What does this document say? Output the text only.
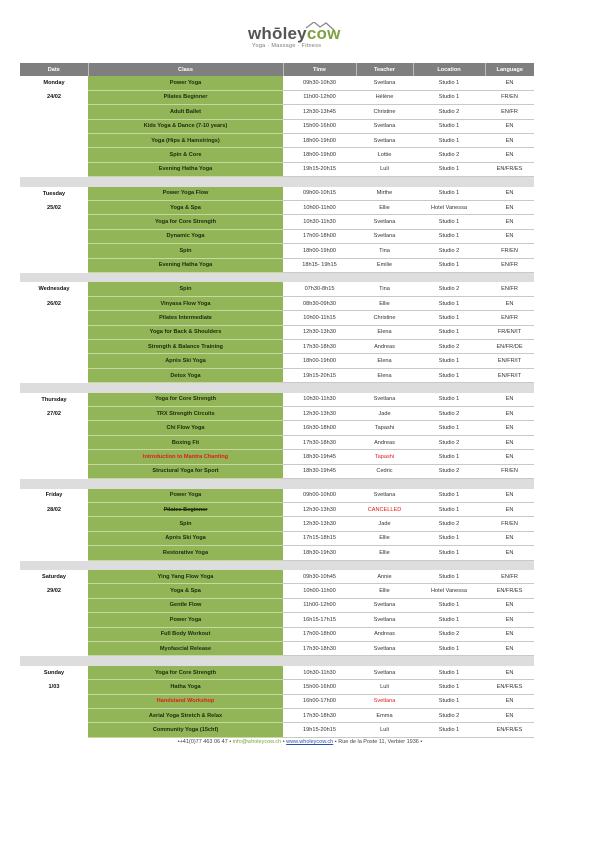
whōleycow
Yoga · Massage · Fitness
Date	Class	Time	Teacher	Location	Language
Monday	Power Yoga	09h30-10h30	Svetlana	Studio 1	EN
24/02	Pilates Beginner	11h00-12h00	Hélène	Studio 1	FR/EN
	Adult Ballet	12h30-13h45	Christine	Studio 2	EN/FR
	Kids Yoga & Dance (7-10 years)	15h00-16h00	Svetlana	Studio 1	EN
	Yoga (Hips & Hamstrings)	18h00-19h00	Svetlana	Studio 1	EN
	Spin & Core	18h00-19h00	Lottie	Studio 2	EN
	Evening Hatha Yoga	19h15-20h15	Luli	Studio 1	EN/FR/ES

Tuesday	Power Yoga Flow	09h00-10h15	Mirthe	Studio 1	EN
25/02	Yoga & Spa	10h00-11h00	Ellie	Hotel Vanessa	EN
	Yoga for Core Strength	10h30-11h30	Svetlana	Studio 1	EN
	Dynamic Yoga	17h00-18h00	Svetlana	Studio 1	EN
	Spin	18h00-19h00	Tina	Studio 2	FR/EN
	Evening Hatha Yoga	18h15- 19h15	Emilie	Studio 1	EN/FR

Wednesday	Spin	07h30-8h15	Tina	Studio 2	EN/FR
26/02	Vinyasa Flow Yoga	08h30-09h30	Ellie	Studio 1	EN
	Pilates Intermediate	10h00-11h15	Christine	Studio 1	EN/FR
	Yoga for Back & Shoulders	12h30-13h30	Elena	Studio 1	FR/EN/IT
	Strength & Balance Training	17h30-18h30	Andreas	Studio 2	EN/FR/DE
	Après Ski Yoga	18h00-19h00	Elena	Studio 1	EN/FR/IT
	Detox Yoga	19h15-20h15	Elena	Studio 1	EN/FR/IT

Thursday	Yoga for Core Strength	10h30-11h30	Svetlana	Studio 1	EN
27/02	TRX Strength Circuits	12h30-13h30	Jade	Studio 2	EN
	Chi Flow Yoga	16h30-18h00	Tapashi	Studio 1	EN
	Boxing Fit	17h30-18h30	Andreas	Studio 2	EN
	Introduction to Mantra Chanting	18h30-19h45	Tapashi	Studio 1	EN
	Structural Yoga for Sport	18h30-19h45	Cedric	Studio 2	FR/EN

Friday	Power Yoga	09h00-10h00	Svetlana	Studio 1	EN
28/02	Pilates Beginner	12h30-13h30	CANCELLED	Studio 1	EN
	Spin	12h30-13h30	Jade	Studio 2	FR/EN
	Après Ski Yoga	17h15-18h15	Ellie	Studio 1	EN
	Restorative Yoga	18h30-19h30	Ellie	Studio 1	EN

Saturday	Ying Yang Flow Yoga	09h30-10h45	Annie	Studio 1	EN/FR
29/02	Yoga & Spa	10h00-11h00	Ellie	Hotel Vanessa	EN/FR/ES
	Gentle Flow	11h00-12h00	Svetlana	Studio 1	EN
	Power Yoga	16h15-17h15	Svetlana	Studio 1	EN
	Full Body Workout	17h00-18h00	Andreas	Studio 2	EN
	Myofascial Release	17h30-18h30	Svetlana	Studio 1	EN

Sunday	Yoga for Core Strength	10h30-11h30	Svetlana	Studio 1	EN
1/03	Hatha Yoga	15h00-16h00	Luli	Studio 1	EN/FR/ES
	Handstand Workshop	16h00-17h00	Svetlana	Studio 1	EN
	Aerial Yoga Stretch & Relax	17h30-18h30	Emma	Studio 2	EN
	Community Yoga (15chf)	19h15-20h15	Luli	Studio 1	EN/FR/ES
•+41(0)77 463 06 47 • info@wholeycow.ch • www.wholeycow.ch • Rue de la Poste 11, Verbier 1936 •
